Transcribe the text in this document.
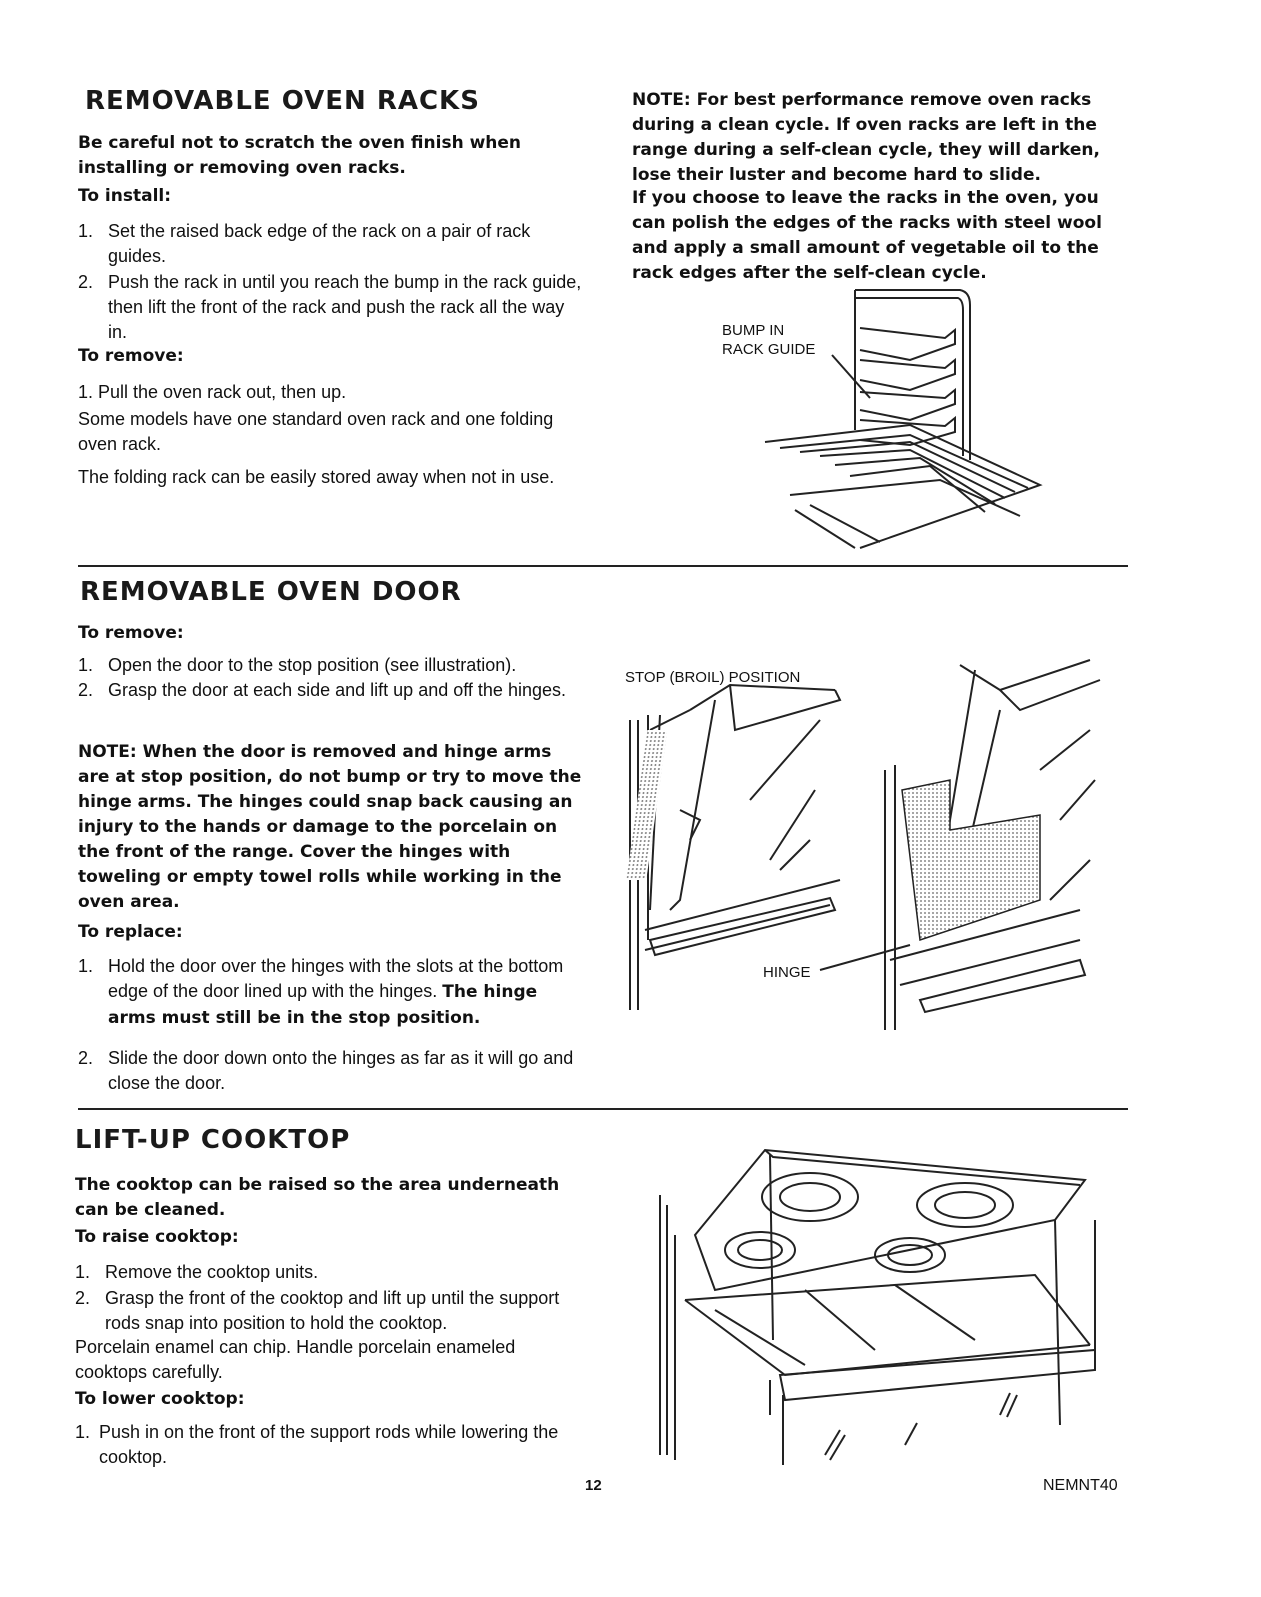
REMOVABLE OVEN RACKS
Be careful not to scratch the oven finish when installing or removing oven racks.
To install:
1. Set the raised back edge of the rack on a pair of rack guides.
2. Push the rack in until you reach the bump in the rack guide, then lift the front of the rack and push the rack all the way in.
To remove:
1. Pull the oven rack out, then up.
Some models have one standard oven rack and one folding oven rack.
The folding rack can be easily stored away when not in use.
NOTE: For best performance remove oven racks during a clean cycle. If oven racks are left in the range during a self-clean cycle, they will darken, lose their luster and become hard to slide.
If you choose to leave the racks in the oven, you can polish the edges of the racks with steel wool and apply a small amount of vegetable oil to the rack edges after the self-clean cycle.
BUMP IN
RACK GUIDE
REMOVABLE OVEN DOOR
To remove:
1. Open the door to the stop position (see illustration).
2. Grasp the door at each side and lift up and off the hinges.
NOTE: When the door is removed and hinge arms are at stop position, do not bump or try to move the hinge arms. The hinges could snap back causing an injury to the hands or damage to the porcelain on the front of the range. Cover the hinges with toweling or empty towel rolls while working in the oven area.
To replace:
1. Hold the door over the hinges with the slots at the bottom edge of the door lined up with the hinges. The hinge arms must still be in the stop position.
2. Slide the door down onto the hinges as far as it will go and close the door.
STOP (BROIL) POSITION
HINGE
LIFT-UP COOKTOP
The cooktop can be raised so the area underneath can be cleaned.
To raise cooktop:
1. Remove the cooktop units.
2. Grasp the front of the cooktop and lift up until the support rods snap into position to hold the cooktop.
Porcelain enamel can chip. Handle porcelain enameled cooktops carefully.
To lower cooktop:
1. Push in on the front of the support rods while lowering the cooktop.
12	NEMNT40
